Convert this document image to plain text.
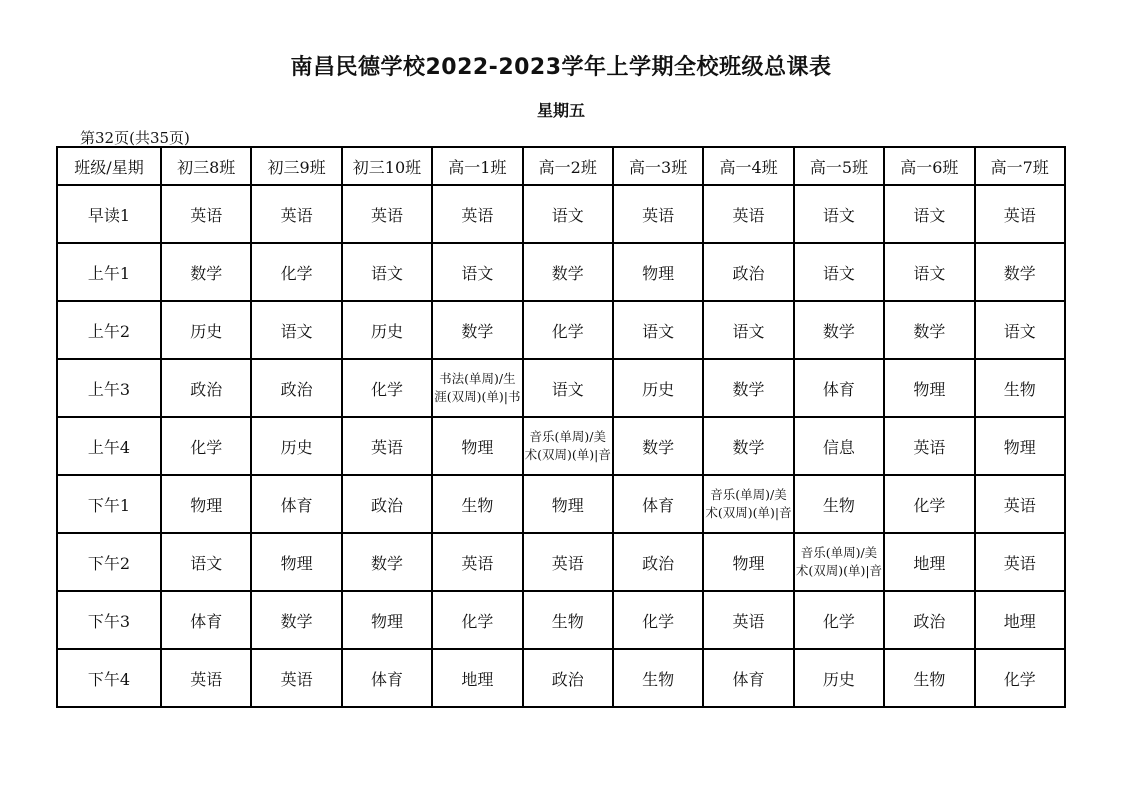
南昌民德学校2022-2023学年上学期全校班级总课表
星期五
第32页(共35页)
班级/星期	初三8班	初三9班	初三10班	高一1班	高一2班	高一3班	高一4班	高一5班	高一6班	高一7班
早读1	英语	英语	英语	英语	语文	英语	英语	语文	语文	英语
上午1	数学	化学	语文	语文	数学	物理	政治	语文	语文	数学
上午2	历史	语文	历史	数学	化学	语文	语文	数学	数学	语文
上午3	政治	政治	化学	书法(单周)/生涯(双周)(单)|书	语文	历史	数学	体育	物理	生物
上午4	化学	历史	英语	物理	音乐(单周)/美术(双周)(单)|音	数学	数学	信息	英语	物理
下午1	物理	体育	政治	生物	物理	体育	音乐(单周)/美术(双周)(单)|音	生物	化学	英语
下午2	语文	物理	数学	英语	英语	政治	物理	音乐(单周)/美术(双周)(单)|音	地理	英语
下午3	体育	数学	物理	化学	生物	化学	英语	化学	政治	地理
下午4	英语	英语	体育	地理	政治	生物	体育	历史	生物	化学
